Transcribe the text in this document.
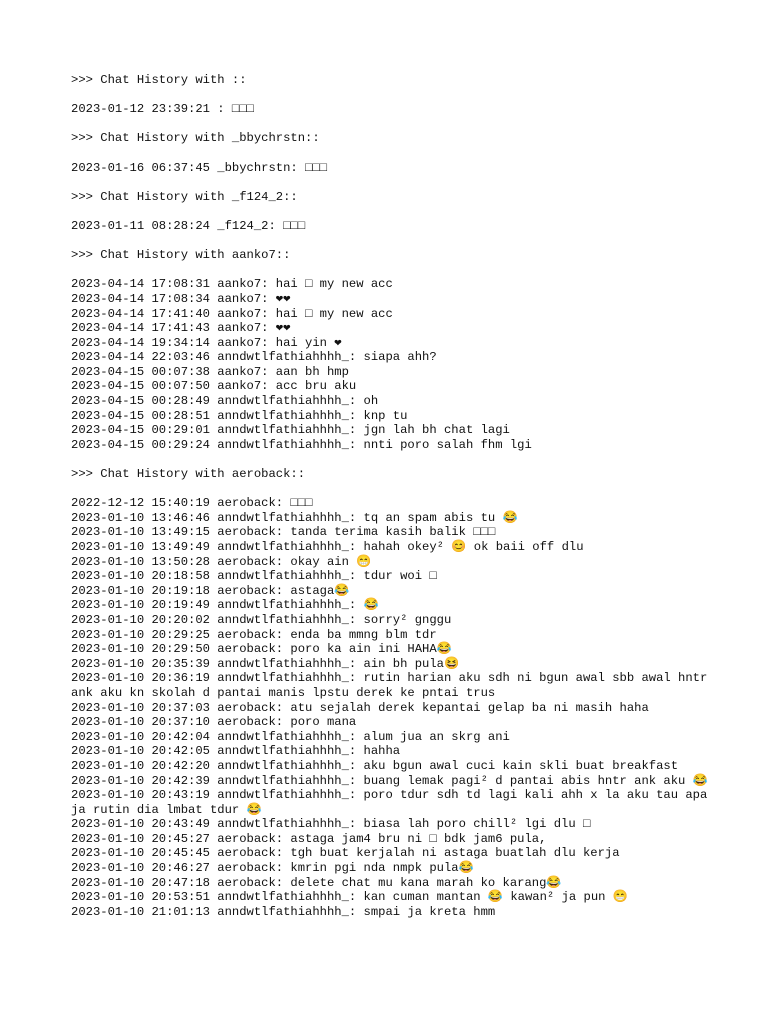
>>> Chat History with ::
2023-01-12 23:39:21 : □□□
>>> Chat History with _bbychrstn::
2023-01-16 06:37:45 _bbychrstn: □□□
>>> Chat History with _f124_2::
2023-01-11 08:28:24 _f124_2: □□□
>>> Chat History with aanko7::
2023-04-14 17:08:31 aanko7: hai □ my new acc
2023-04-14 17:08:34 aanko7: ❤❤
2023-04-14 17:41:40 aanko7: hai □ my new acc
2023-04-14 17:41:43 aanko7: ❤❤
2023-04-14 19:34:14 aanko7: hai yin ❤
2023-04-14 22:03:46 anndwtlfathiahhhh_: siapa ahh?
2023-04-15 00:07:38 aanko7: aan bh hmp
2023-04-15 00:07:50 aanko7: acc bru aku
2023-04-15 00:28:49 anndwtlfathiahhhh_: oh
2023-04-15 00:28:51 anndwtlfathiahhhh_: knp tu
2023-04-15 00:29:01 anndwtlfathiahhhh_: jgn lah bh chat lagi
2023-04-15 00:29:24 anndwtlfathiahhhh_: nnti poro salah fhm lgi
>>> Chat History with aeroback::
2022-12-12 15:40:19 aeroback: □□□
2023-01-10 13:46:46 anndwtlfathiahhhh_: tq an spam abis tu 😂
2023-01-10 13:49:15 aeroback: tanda terima kasih balik □□□
2023-01-10 13:49:49 anndwtlfathiahhhh_: hahah okey² 😊 ok baii off dlu
2023-01-10 13:50:28 aeroback: okay ain 😁
2023-01-10 20:18:58 anndwtlfathiahhhh_: tdur woi □
2023-01-10 20:19:18 aeroback: astaga😂
2023-01-10 20:19:49 anndwtlfathiahhhh_: 😂
2023-01-10 20:20:02 anndwtlfathiahhhh_: sorry² gnggu
2023-01-10 20:29:25 aeroback: enda ba mmng blm tdr
2023-01-10 20:29:50 aeroback: poro ka ain ini HAHA😂
2023-01-10 20:35:39 anndwtlfathiahhhh_: ain bh pula😆
2023-01-10 20:36:19 anndwtlfathiahhhh_: rutin harian aku sdh ni bgun awal sbb awal hntr ank aku kn skolah d pantai manis lpstu derek ke pntai trus
2023-01-10 20:37:03 aeroback: atu sejalah derek kepantai gelap ba ni masih haha
2023-01-10 20:37:10 aeroback: poro mana
2023-01-10 20:42:04 anndwtlfathiahhhh_: alum jua an skrg ani
2023-01-10 20:42:05 anndwtlfathiahhhh_: hahha
2023-01-10 20:42:20 anndwtlfathiahhhh_: aku bgun awal cuci kain skli buat breakfast
2023-01-10 20:42:39 anndwtlfathiahhhh_: buang lemak pagi² d pantai abis hntr ank aku 😂
2023-01-10 20:43:19 anndwtlfathiahhhh_: poro tdur sdh td lagi kali ahh x la aku tau apa ja rutin dia lmbat tdur 😂
2023-01-10 20:43:49 anndwtlfathiahhhh_: biasa lah poro chill² lgi dlu □
2023-01-10 20:45:27 aeroback: astaga jam4 bru ni □ bdk jam6 pula,
2023-01-10 20:45:45 aeroback: tgh buat kerjalah ni astaga buatlah dlu kerja
2023-01-10 20:46:27 aeroback: kmrin pgi nda nmpk pula😂
2023-01-10 20:47:18 aeroback: delete chat mu kana marah ko karang😂
2023-01-10 20:53:51 anndwtlfathiahhhh_: kan cuman mantan 😂 kawan² ja pun 😁
2023-01-10 21:01:13 anndwtlfathiahhhh_: smpai ja kreta hmm
